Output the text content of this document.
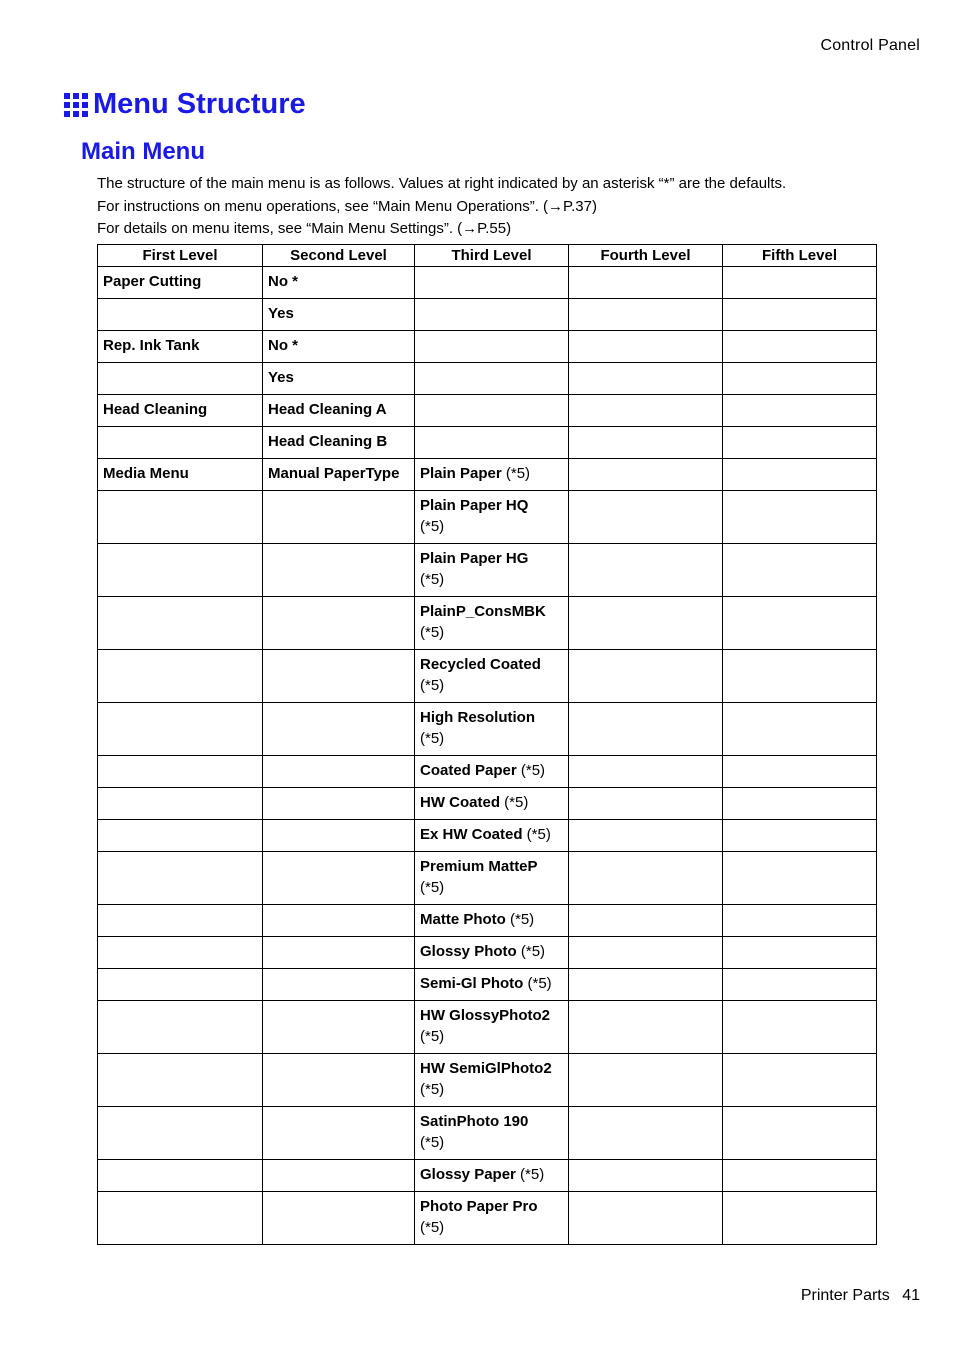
Control Panel
Menu Structure
Main Menu

The structure of the main menu is as follows. Values at right indicated by an asterisk “*” are the defaults.

For instructions on menu operations, see “Main Menu Operations”. (→P.37)

For details on menu items, see “Main Menu Settings”. (→P.55)

First Level	Second Level	Third Level	Fourth Level	Fifth Level
Paper Cutting	No *			
	Yes			
Rep. Ink Tank	No *			
	Yes			
Head Cleaning	Head Cleaning A			
	Head Cleaning B			
Media Menu	Manual PaperType	Plain Paper (*5)		
		Plain Paper HQ
(*5)		
		Plain Paper HG
(*5)		
		PlainP_ConsMBK
(*5)		
		Recycled Coated
(*5)		
		High Resolution
(*5)		
		Coated Paper (*5)		
		HW Coated (*5)		
		Ex HW Coated (*5)		
		Premium MatteP
(*5)		
		Matte Photo (*5)		
		Glossy Photo (*5)		
		Semi-Gl Photo (*5)		
		HW GlossyPhoto2
(*5)		
		HW SemiGlPhoto2
(*5)		
		SatinPhoto 190
(*5)		
		Glossy Paper (*5)		
		Photo Paper Pro
(*5)		
Printer Parts 41
